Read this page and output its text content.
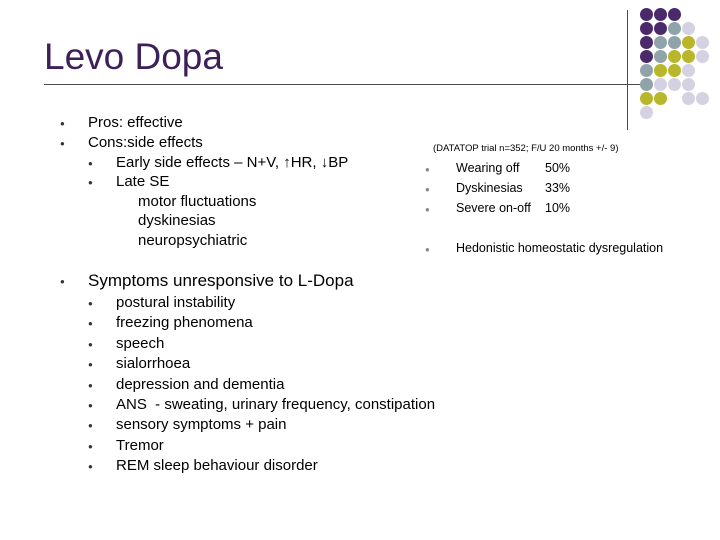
Levo Dopa
● Pros: effective
● Cons:side effects
● Early side effects – N+V, ↑HR, ↓BP
● Late SE
motor fluctuations
dyskinesias
neuropsychiatric
(DATATOP trial n=352; F/U 20 months +/- 9)
● Wearing off 50%
● Dyskinesias 33%
● Severe on-off 10%
● Hedonistic homeostatic dysregulation
● Symptoms unresponsive to L-Dopa
● postural instability
● freezing phenomena
● speech
● sialorrhoea
● depression and dementia
● ANS  - sweating, urinary frequency, constipation
● sensory symptoms + pain
● Tremor
● REM sleep behaviour disorder
